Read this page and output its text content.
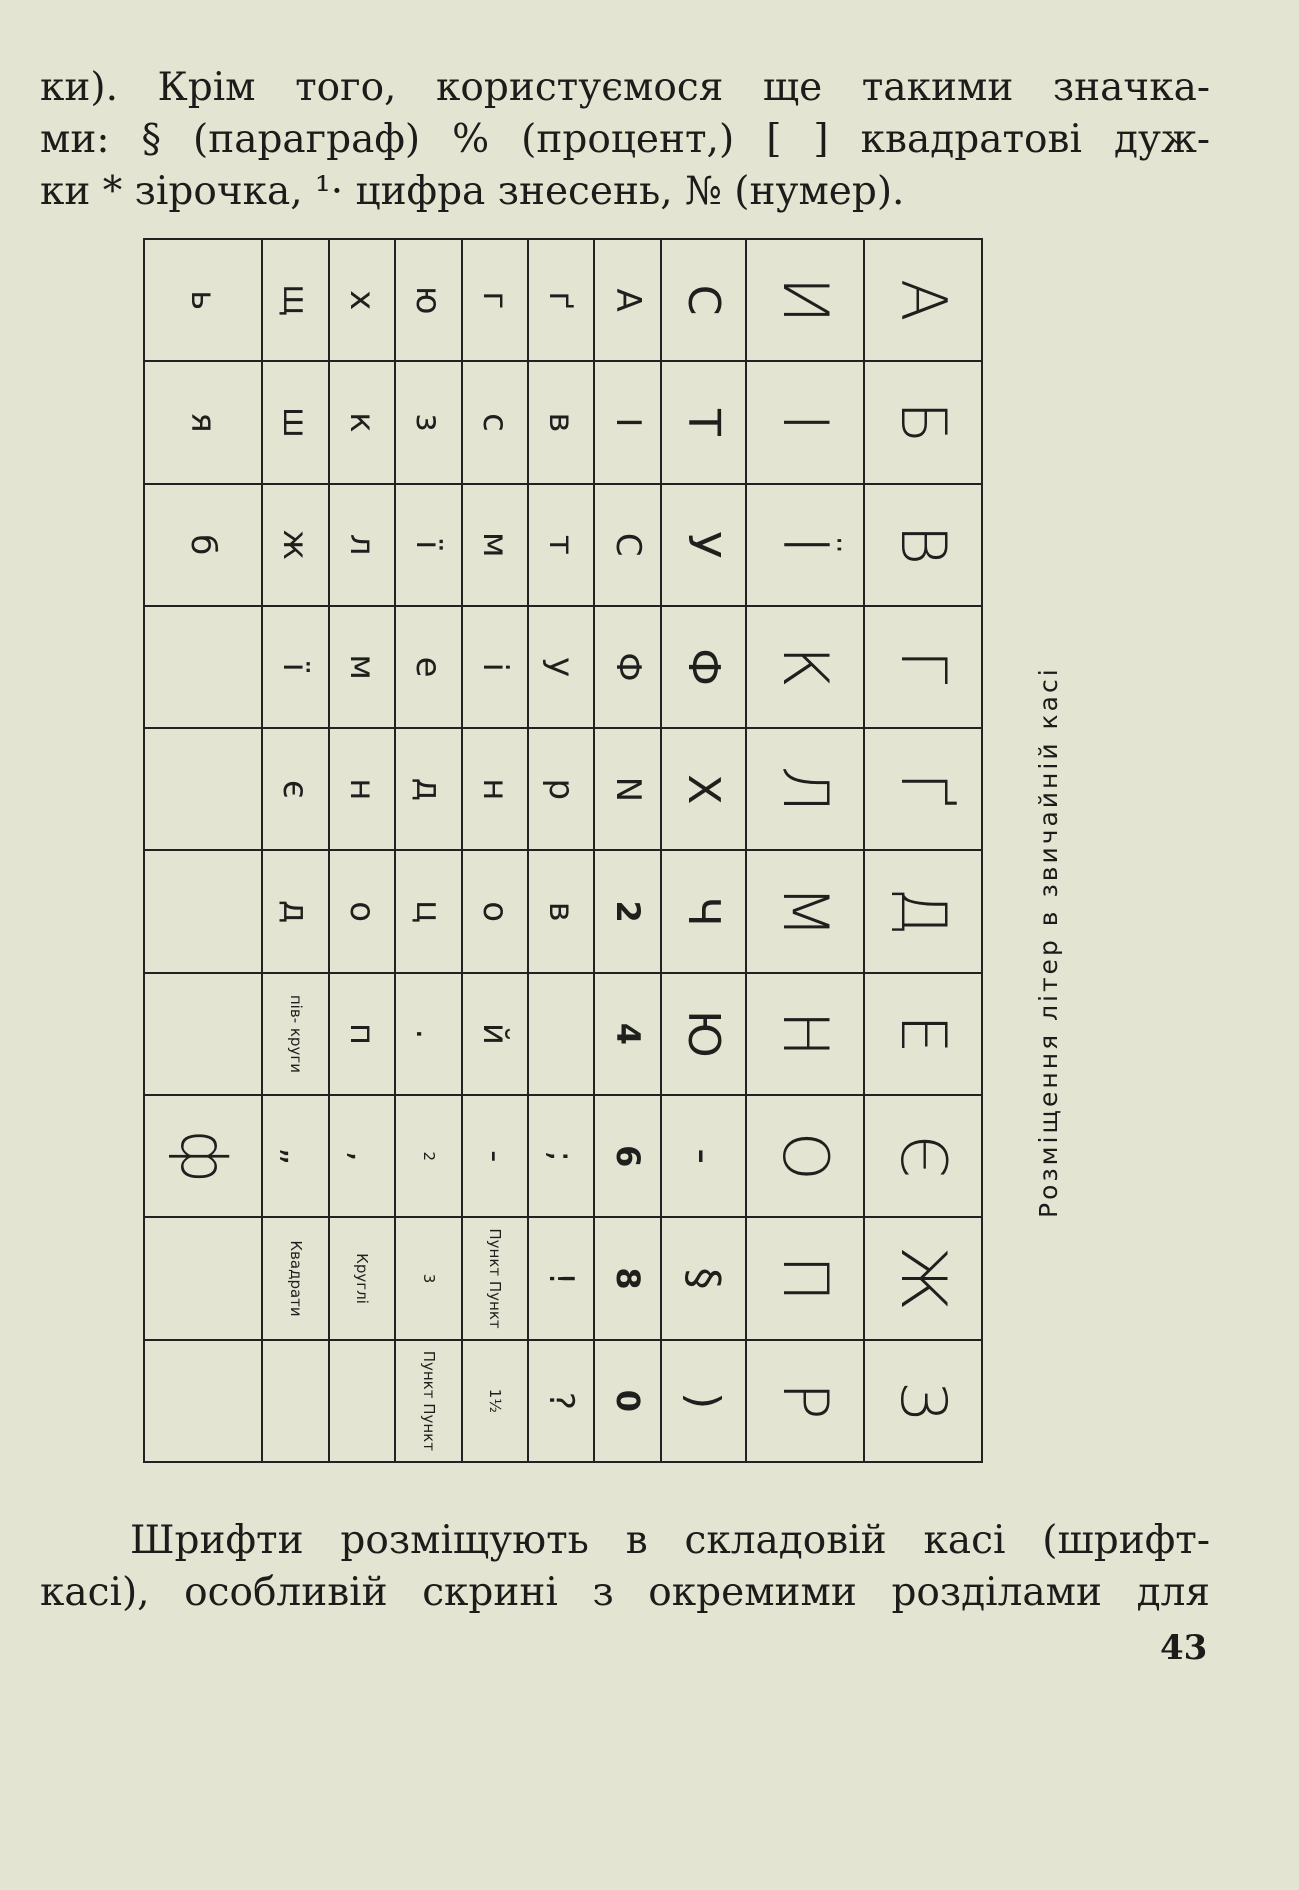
ки). Крім того, користуємося ще такими значка-
ми: § (параграф) % (процент,) [ ] квадратові дуж-
ки * зірочка, ¹· цифра знесень, № (нумер).
А	Б	В	Г	Ґ	Д	Е	Є	Ж	З
И	І	Ї	К	Л	М	Н	О	П	Р
С	Т	У	Ф	Х	Ч	Ю	-	§	)
А	І	С	Ф	N	2	4	6	8	0
ґ	в	т	у	р	в		;	!	?
г	с	м	і	н	о	й	-	Пункт Пункт	1½
ю	з	ї	е	д	ц	.	2	3	Пункт Пункт
х	к	л	м	н	о	п	,	Круглі	
щ	ш	ж	ї	є	д	пів- круги	„	Квадрати	
ь	я	б					ф			Розміщення літер в звичайній касі
Шрифти розміщують в складовій касі (шрифт-
касі), особливій скрині з окремими розділами для
43
